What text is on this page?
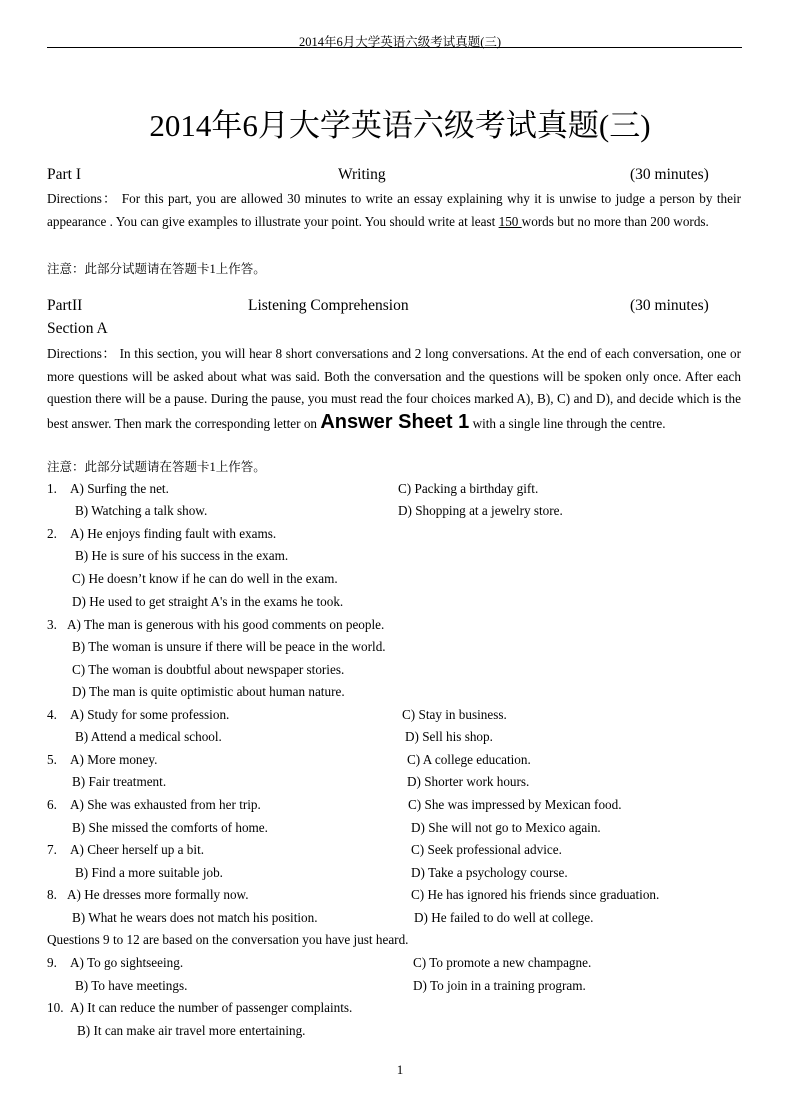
2014年6月大学英语六级考试真题(三)
2014年6月大学英语六级考试真题(三)
Part I	Writing	(30 minutes)
Directions： For this part, you are allowed 30 minutes to write an essay explaining why it is unwise to judge a person by their appearance . You can give examples to illustrate your point. You should write at least 150 words but no more than 200 words.
注意：此部分试题请在答题卡1上作答。
PartII	Listening Comprehension	(30 minutes)
Section A
Directions： In this section, you will hear 8 short conversations and 2 long conversations. At the end of each conversation, one or more questions will be asked about what was said. Both the conversation and the questions will be spoken only once. After each question there will be a pause. During the pause, you must read the four choices marked A), B), C) and D), and decide which is the best answer. Then mark the corresponding letter on Answer Sheet 1 with a single line through the centre.
注意：此部分试题请在答题卡1上作答。
1. A) Surfing the net.	C) Packing a birthday gift.
B) Watching a talk show.	D) Shopping at a jewelry store.
2. A) He enjoys finding fault with exams.
B) He is sure of his success in the exam.
C) He doesn’t know if he can do well in the exam.
D) He used to get straight A's in the exams he took.
3. A) The man is generous with his good comments on people.
B) The woman is unsure if there will be peace in the world.
C) The woman is doubtful about newspaper stories.
D) The man is quite optimistic about human nature.
4. A) Study for some profession.	C) Stay in business.
B) Attend a medical school.	D) Sell his shop.
5. A) More money.	C) A college education.
B) Fair treatment.	D) Shorter work hours.
6. A) She was exhausted from her trip.	C) She was impressed by Mexican food.
B) She missed the comforts of home.	D) She will not go to Mexico again.
7. A) Cheer herself up a bit.	C) Seek professional advice.
B) Find a more suitable job.	D) Take a psychology course.
8. A) He dresses more formally now.	C) He has ignored his friends since graduation.
B) What he wears does not match his position.	D) He failed to do well at college.
Questions 9 to 12 are based on the conversation you have just heard.
9. A) To go sightseeing.	C) To promote a new champagne.
B) To have meetings.	D) To join in a training program.
10. A) It can reduce the number of passenger complaints.
B) It can make air travel more entertaining.
1
